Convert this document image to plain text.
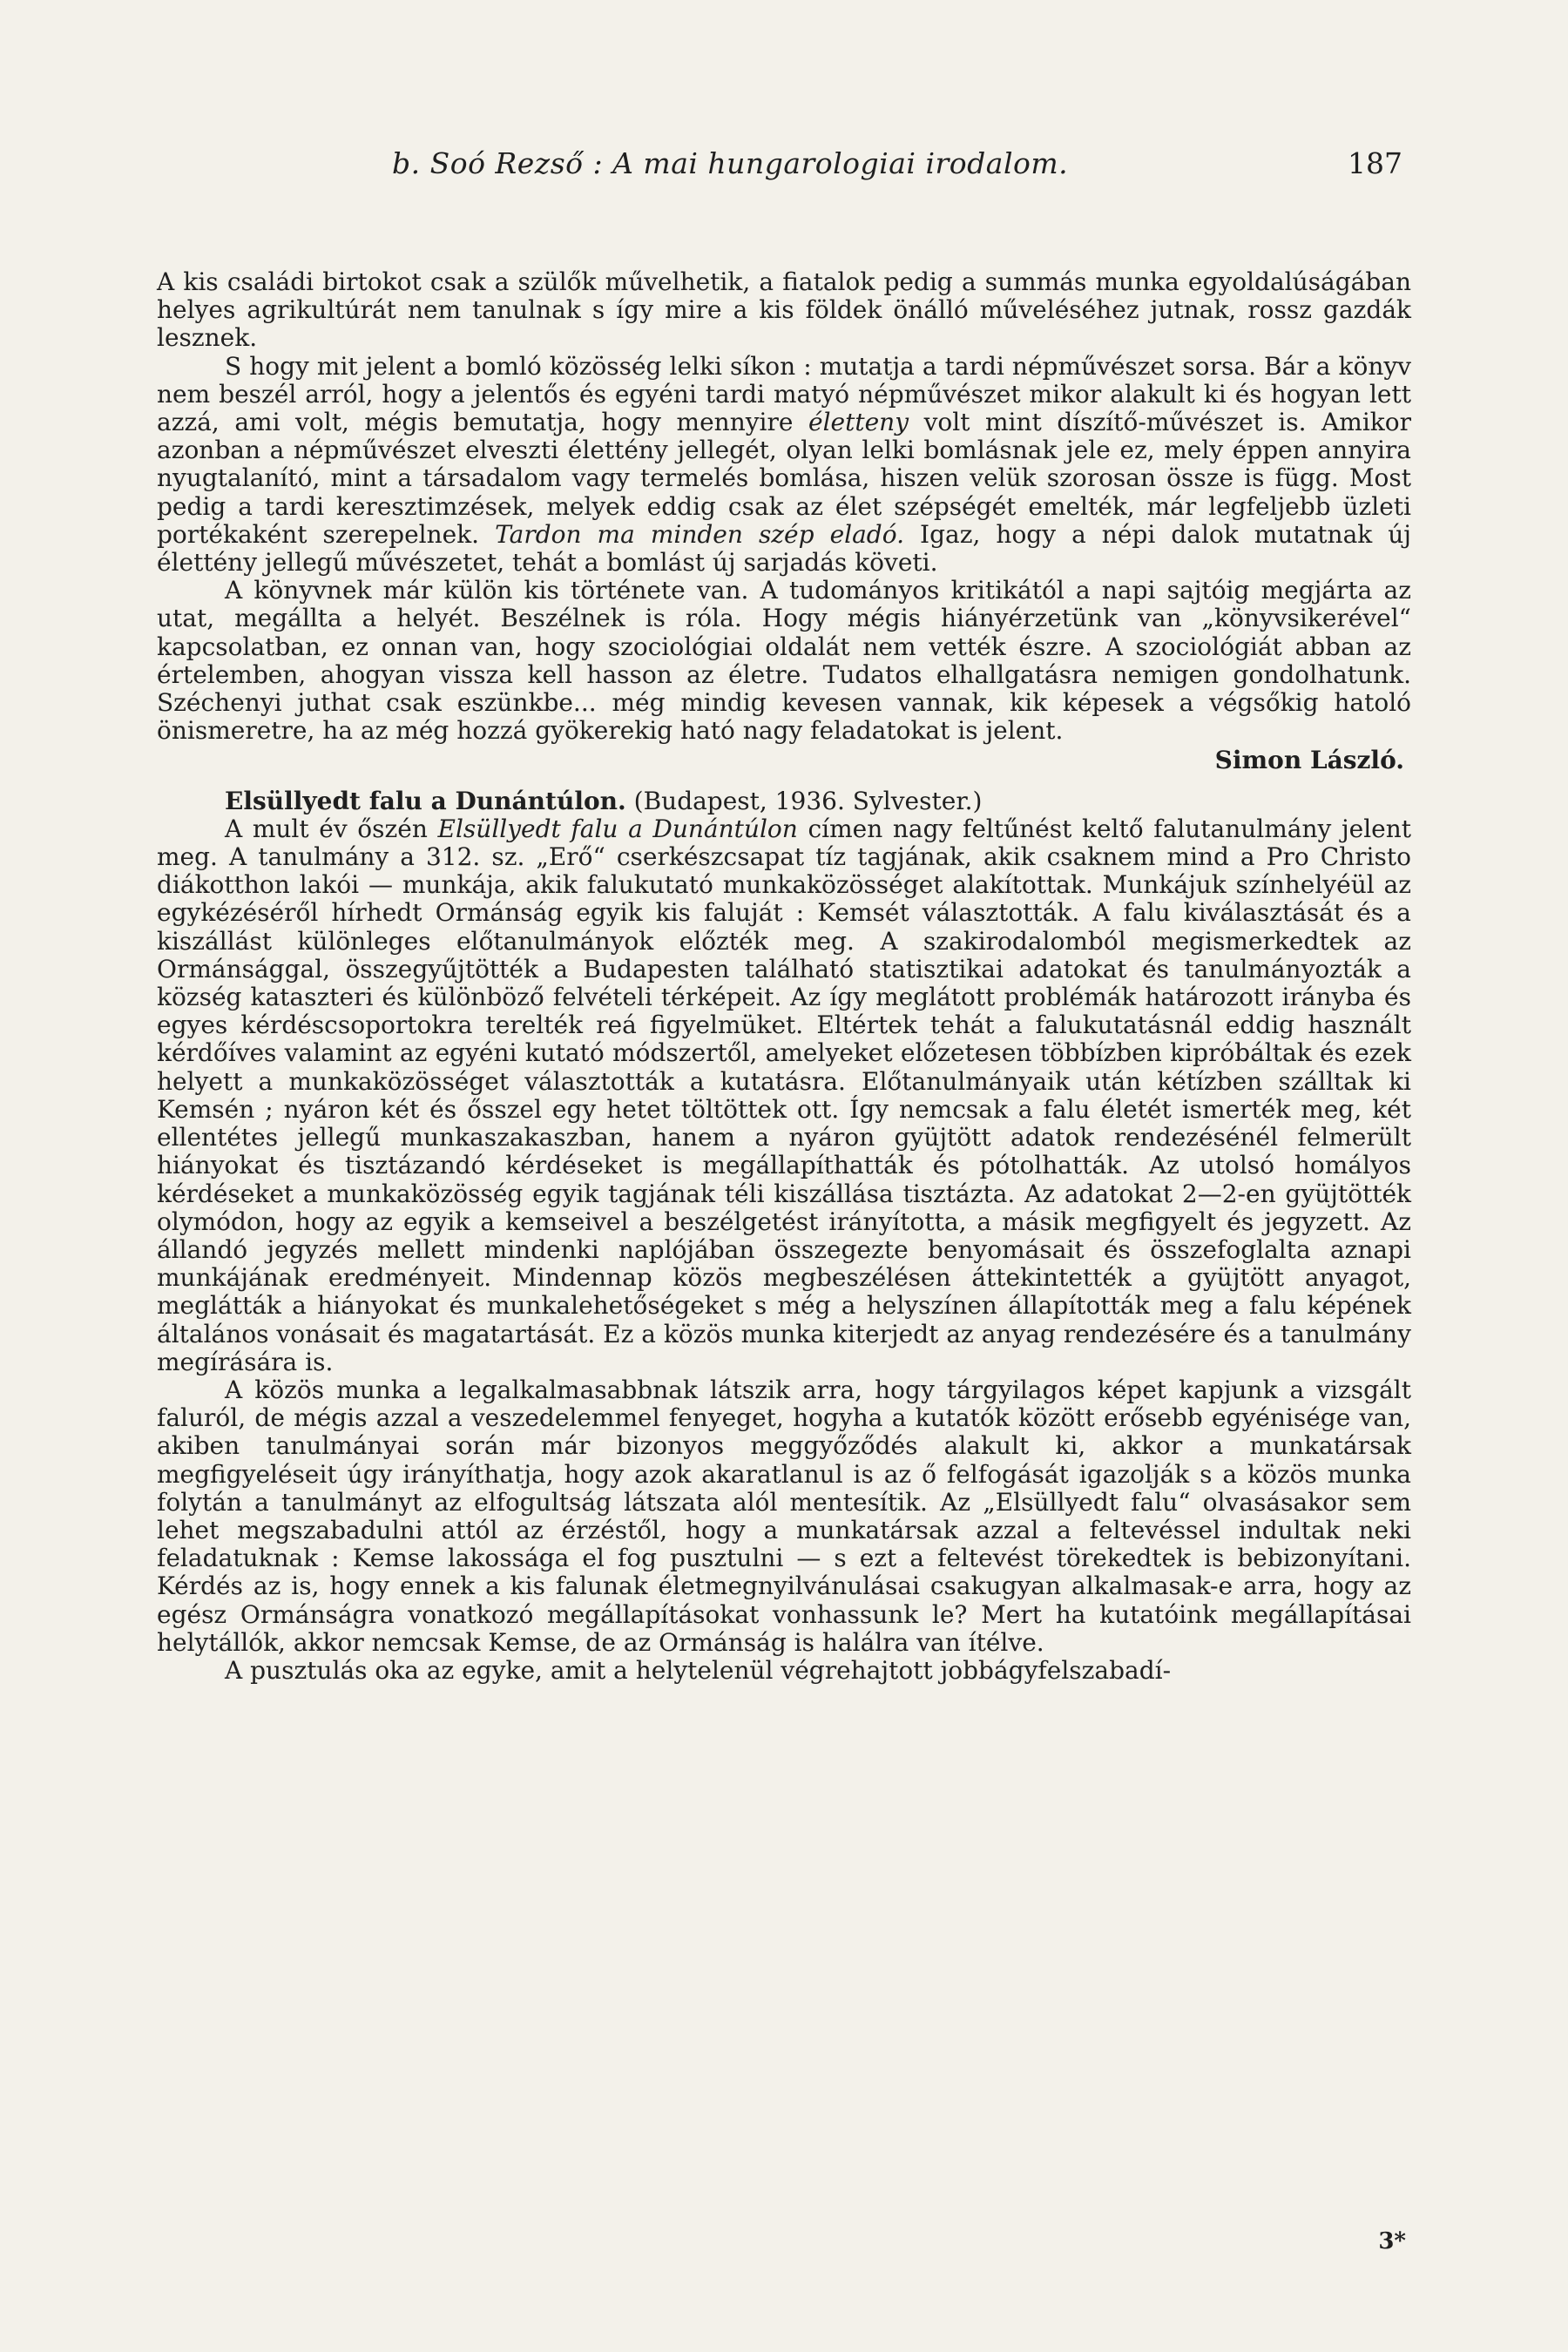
b. Soó Rezső : A mai hungarologiai irodalom.	187

A kis családi birtokot csak a szülők művelhetik, a fiatalok pedig a summás munka egyoldalúságában helyes agrikultúrát nem tanulnak s így mire a kis földek önálló műveléséhez jutnak, rossz gazdák lesznek.

S hogy mit jelent a bomló közösség lelki síkon : mutatja a tardi népművészet sorsa. Bár a könyv nem beszél arról, hogy a jelentős és egyéni tardi matyó népművészet mikor alakult ki és hogyan lett azzá, ami volt, mégis bemutatja, hogy mennyire életteny volt mint díszítő-művészet is. Amikor azonban a népművészet elveszti élettény jellegét, olyan lelki bomlásnak jele ez, mely éppen annyira nyugtalanító, mint a társadalom vagy termelés bomlása, hiszen velük szorosan össze is függ. Most pedig a tardi keresztimzések, melyek eddig csak az élet szépségét emelték, már legfeljebb üzleti portékaként szerepelnek. Tardon ma minden szép eladó. Igaz, hogy a népi dalok mutatnak új élettény jellegű művészetet, tehát a bomlást új sarjadás követi.

A könyvnek már külön kis története van. A tudományos kritikától a napi sajtóig megjárta az utat, megállta a helyét. Beszélnek is róla. Hogy mégis hiányérzetünk van „könyvsikerével“ kapcsolatban, ez onnan van, hogy szociológiai oldalát nem vették észre. A szociológiát abban az értelemben, ahogyan vissza kell hasson az életre. Tudatos elhallgatásra nemigen gondolhatunk. Széchenyi juthat csak eszünkbe... még mindig kevesen vannak, kik képesek a végsőkig hatoló önismeretre, ha az még hozzá gyökerekig ható nagy feladatokat is jelent.

Simon László.

Elsüllyedt falu a Dunántúlon. (Budapest, 1936. Sylvester.)

A mult év őszén Elsüllyedt falu a Dunántúlon címen nagy feltűnést keltő falutanulmány jelent meg. A tanulmány a 312. sz. „Erő“ cserkészcsapat tíz tagjának, akik csaknem mind a Pro Christo diákotthon lakói — munkája, akik falukutató munkaközösséget alakítottak. Munkájuk színhelyéül az egykézéséről hírhedt Ormánság egyik kis faluját : Kemsét választották. A falu kiválasztását és a kiszállást különleges előtanulmányok előzték meg. A szakirodalomból megismerkedtek az Ormánsággal, összegyűjtötték a Budapesten található statisztikai adatokat és tanulmányozták a község kataszteri és különböző felvételi térképeit. Az így meglátott problémák határozott irányba és egyes kérdéscsoportokra terelték reá figyelmüket. Eltértek tehát a falukutatásnál eddig használt kérdőíves valamint az egyéni kutató módszertől, amelyeket előzetesen többízben kipróbáltak és ezek helyett a munkaközösséget választották a kutatásra. Előtanulmányaik után kétízben szálltak ki Kemsén ; nyáron két és ősszel egy hetet töltöttek ott. Így nemcsak a falu életét ismerték meg, két ellentétes jellegű munkaszakaszban, hanem a nyáron gyüjtött adatok rendezésénél felmerült hiányokat és tisztázandó kérdéseket is megállapíthatták és pótolhatták. Az utolsó homályos kérdéseket a munkaközösség egyik tagjának téli kiszállása tisztázta. Az adatokat 2—2-en gyüjtötték olymódon, hogy az egyik a kemseivel a beszélgetést irányította, a másik megfigyelt és jegyzett. Az állandó jegyzés mellett mindenki naplójában összegezte benyomásait és összefoglalta aznapi munkájának eredményeit. Mindennap közös megbeszélésen áttekintették a gyüjtött anyagot, meglátták a hiányokat és munkalehetőségeket s még a helyszínen állapították meg a falu képének általános vonásait és magatartását. Ez a közös munka kiterjedt az anyag rendezésére és a tanulmány megírására is.

A közös munka a legalkalmasabbnak látszik arra, hogy tárgyilagos képet kapjunk a vizsgált faluról, de mégis azzal a veszedelemmel fenyeget, hogyha a kutatók között erősebb egyénisége van, akiben tanulmányai során már bizonyos meggyőződés alakult ki, akkor a munkatársak megfigyeléseit úgy irányíthatja, hogy azok akaratlanul is az ő felfogását igazolják s a közös munka folytán a tanulmányt az elfogultság látszata alól mentesítik. Az „Elsüllyedt falu“ olvasásakor sem lehet megszabadulni attól az érzéstől, hogy a munkatársak azzal a feltevéssel indultak neki feladatuknak : Kemse lakossága el fog pusztulni — s ezt a feltevést törekedtek is bebizonyítani. Kérdés az is, hogy ennek a kis falunak életmegnyilvánulásai csakugyan alkalmasak-e arra, hogy az egész Ormánságra vonatkozó megállapításokat vonhassunk le? Mert ha kutatóink megállapításai helytállók, akkor nemcsak Kemse, de az Ormánság is halálra van ítélve.

A pusztulás oka az egyke, amit a helytelenül végrehajtott jobbágyfelszabadí-

3*
